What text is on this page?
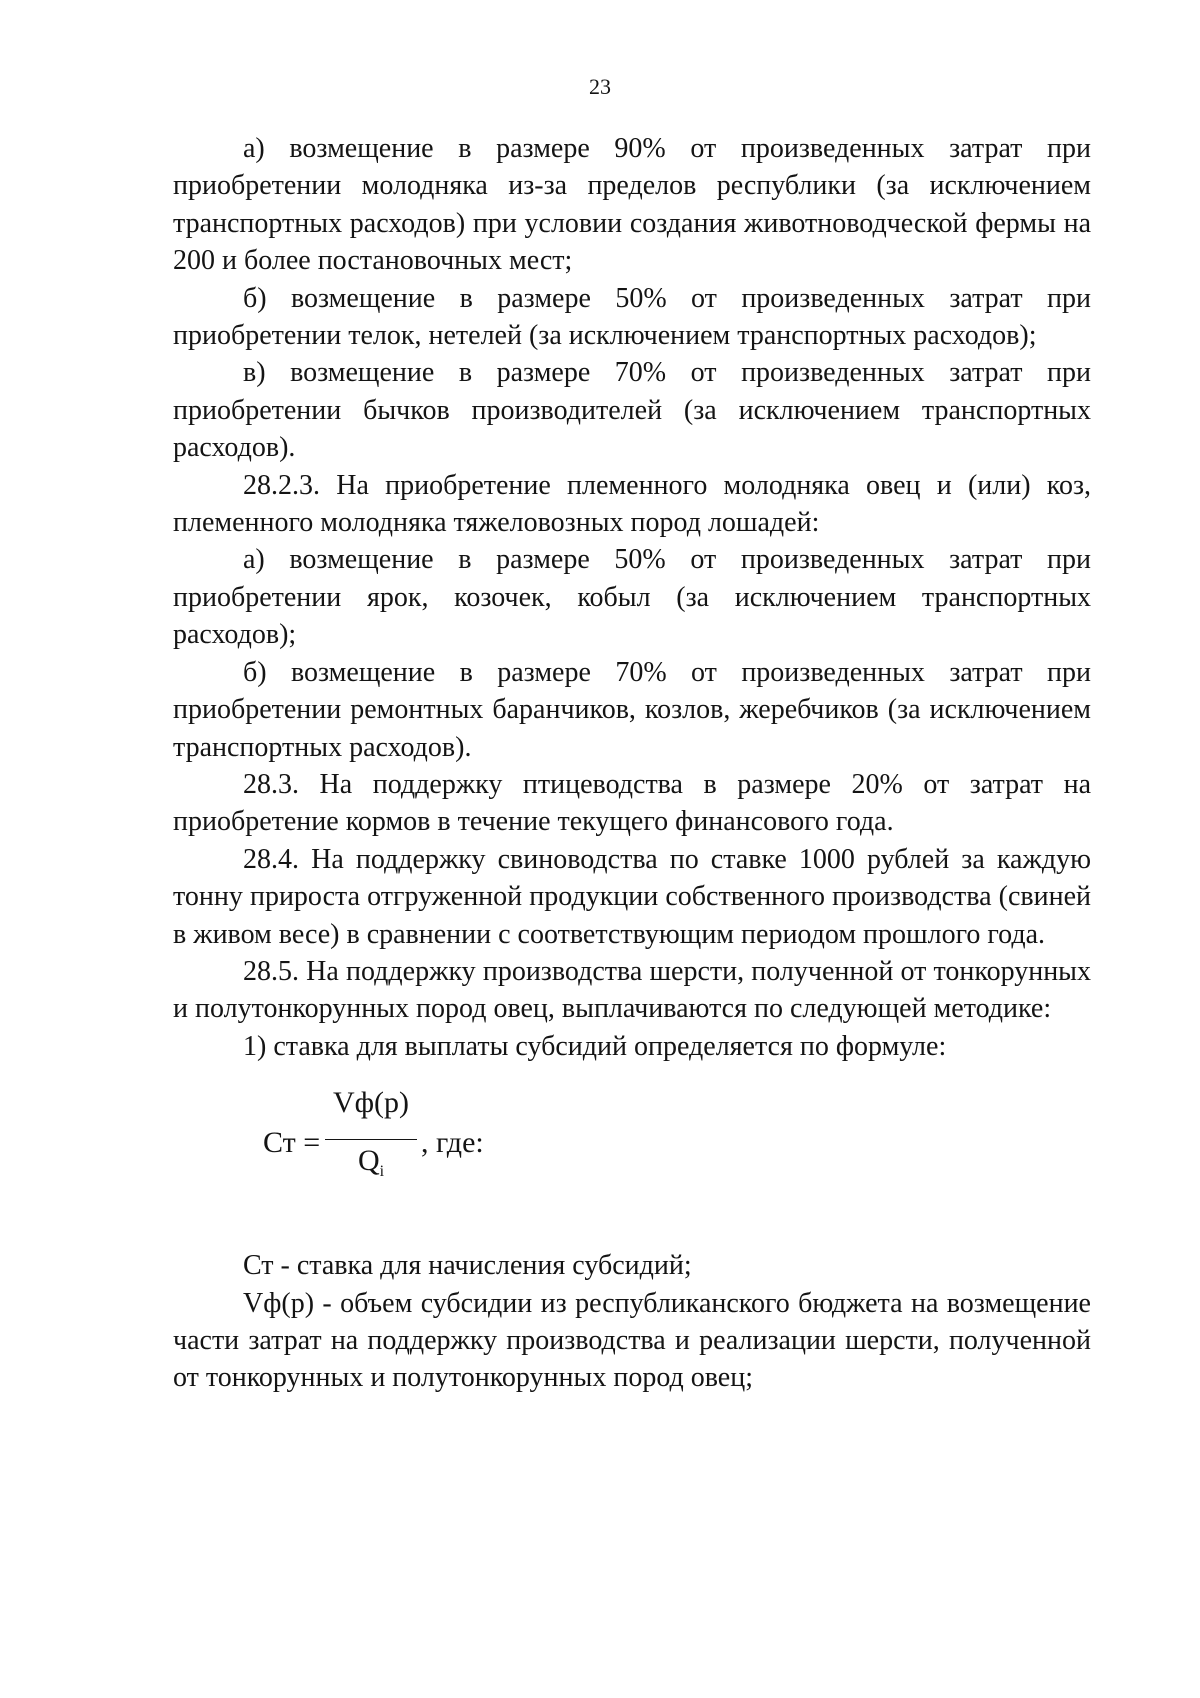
23

а) возмещение в размере 90% от произведенных затрат при приобретении молодняка из-за пределов республики (за исключением транспортных расходов) при условии создания животноводческой фермы на 200 и более постановочных мест;

б) возмещение в размере 50% от произведенных затрат при приобретении телок, нетелей (за исключением транспортных расходов);

в) возмещение в размере 70% от произведенных затрат при приобретении бычков производителей (за исключением транспортных расходов).

28.2.3. На приобретение племенного молодняка овец и (или) коз, племенного молодняка тяжеловозных пород лошадей:

а) возмещение в размере 50% от произведенных затрат при приобретении ярок, козочек, кобыл (за исключением транспортных расходов);

б) возмещение в размере 70% от произведенных затрат при приобретении ремонтных баранчиков, козлов, жеребчиков (за исключением транспортных расходов).

28.3. На поддержку птицеводства в размере 20% от затрат на приобретение кормов в течение текущего финансового года.

28.4. На поддержку свиноводства по ставке 1000 рублей за каждую тонну прироста отгруженной продукции собственного производства (свиней в живом весе) в сравнении с соответствующим периодом прошлого года.

28.5. На поддержку производства шерсти, полученной от тонкорунных и полутонкорунных пород овец, выплачиваются по следующей методике:

1) ставка для выплаты субсидий определяется по формуле:

Ст =
Vф(р)
$Q_i$
, где:

Ст - ставка для начисления субсидий;

Vф(р) - объем субсидии из республиканского бюджета на возмещение части затрат на поддержку производства и реализации шерсти, полученной от тонкорунных и полутонкорунных пород овец;
